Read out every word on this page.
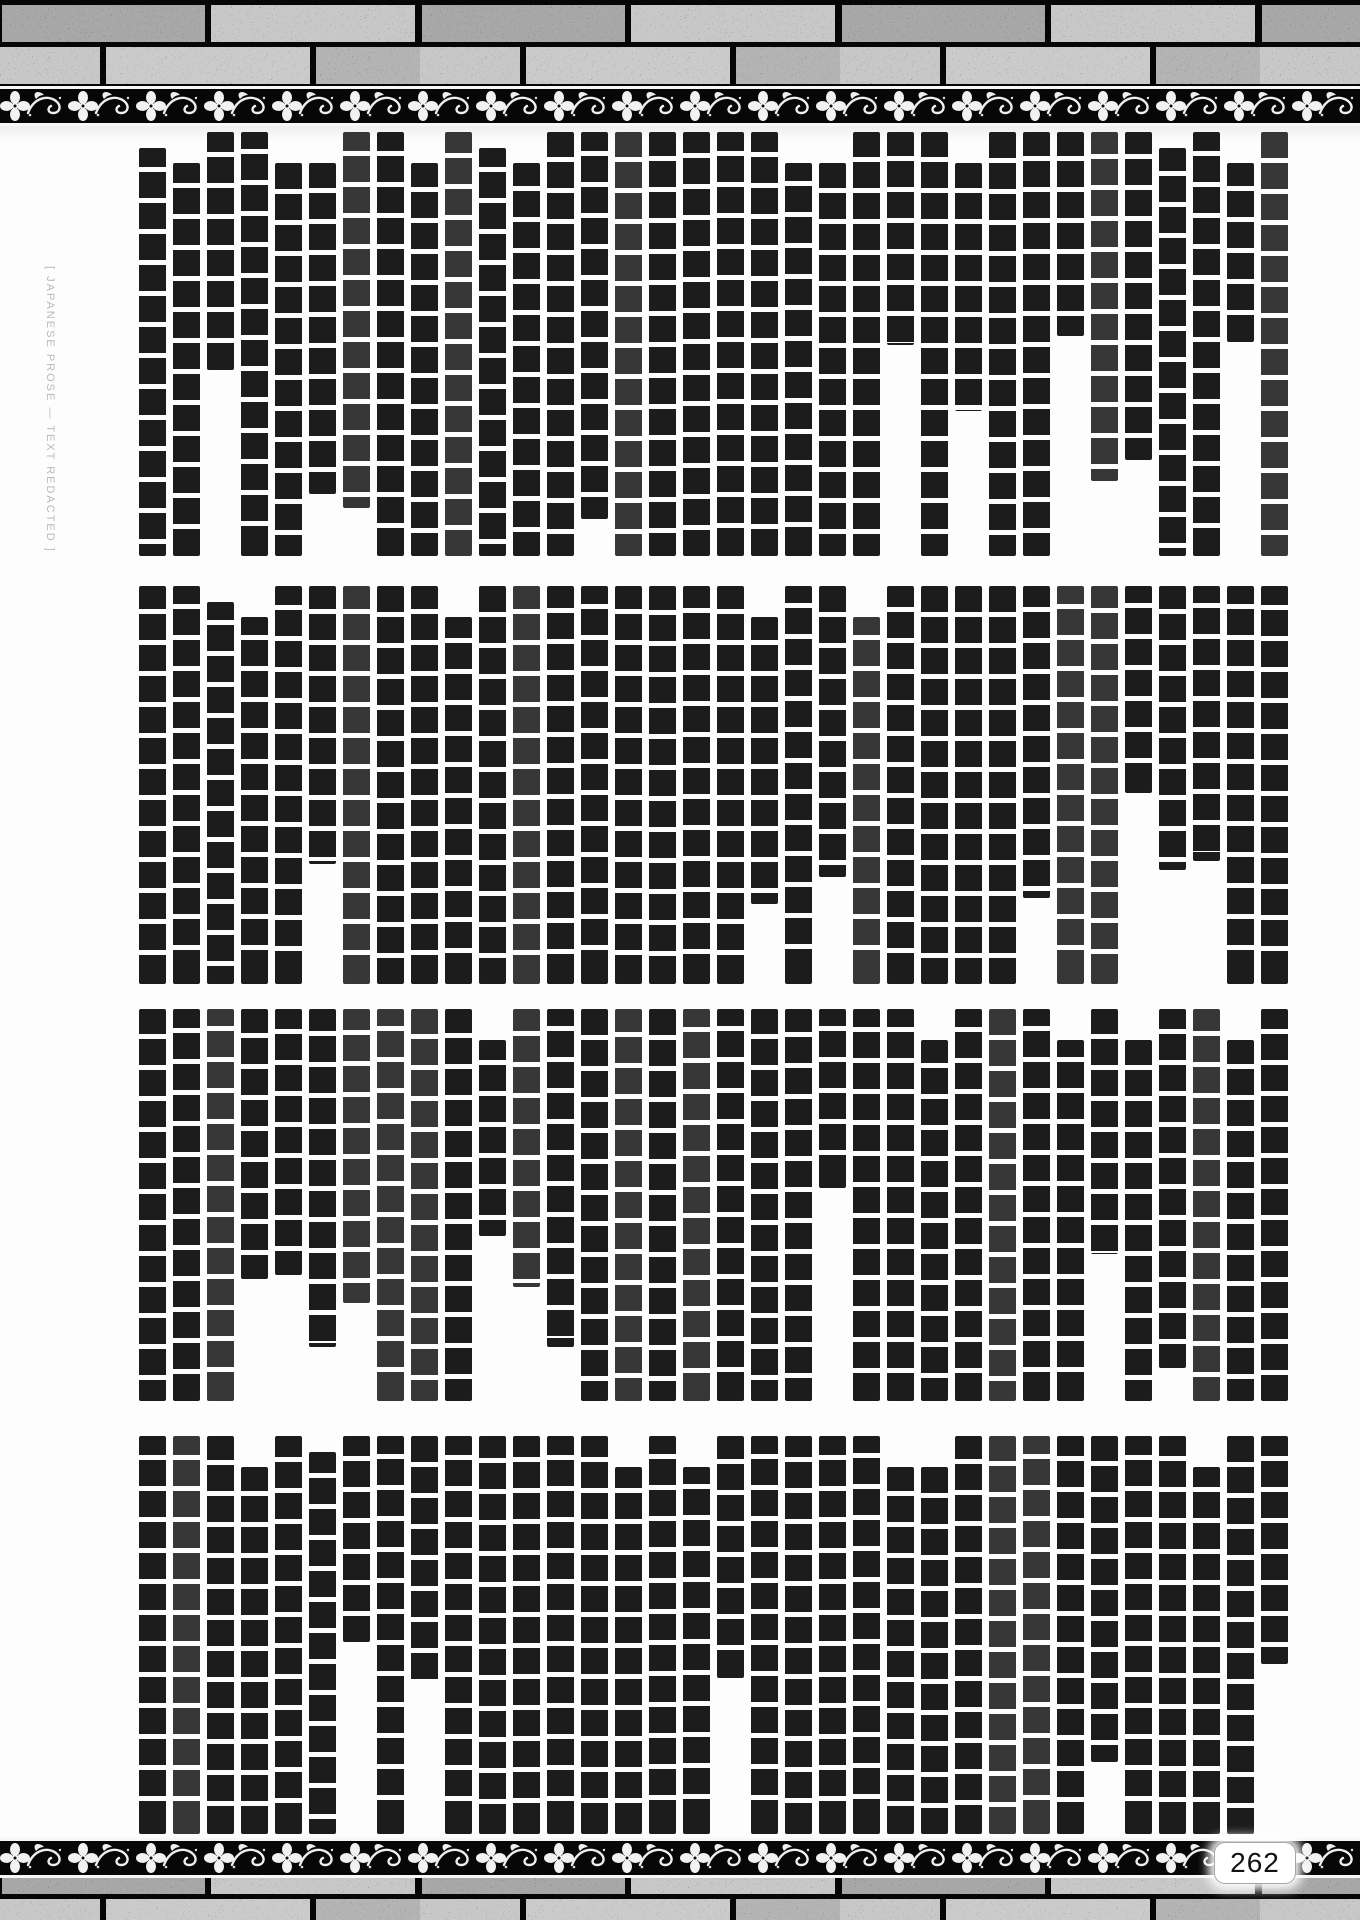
[ JAPANESE PROSE — TEXT REDACTED ]
262
